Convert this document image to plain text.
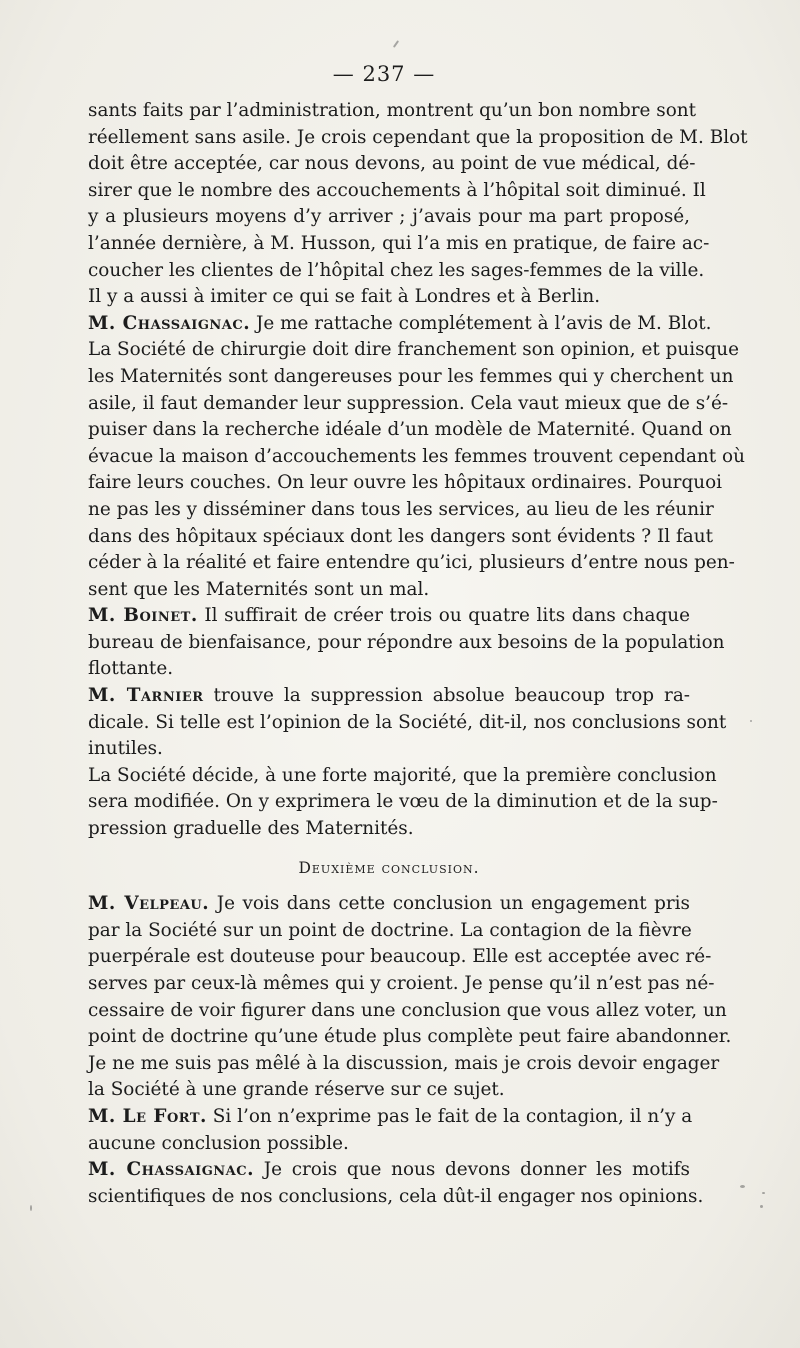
— 237 —
sants faits par l’administration, montrent qu’un bon nombre sont
réellement sans asile. Je crois cependant que la proposition de M. Blot
doit être acceptée, car nous devons, au point de vue médical, dé-
sirer que le nombre des accouchements à l’hôpital soit diminué. Il
y a plusieurs moyens d’y arriver ; j’avais pour ma part proposé,
l’année dernière, à M. Husson, qui l’a mis en pratique, de faire ac-
coucher les clientes de l’hôpital chez les sages-femmes de la ville.
Il y a aussi à imiter ce qui se fait à Londres et à Berlin.
M. Chassaignac. Je me rattache complétement à l’avis de M. Blot.
La Société de chirurgie doit dire franchement son opinion, et puisque
les Maternités sont dangereuses pour les femmes qui y cherchent un
asile, il faut demander leur suppression. Cela vaut mieux que de s’é-
puiser dans la recherche idéale d’un modèle de Maternité. Quand on
évacue la maison d’accouchements les femmes trouvent cependant où
faire leurs couches. On leur ouvre les hôpitaux ordinaires. Pourquoi
ne pas les y disséminer dans tous les services, au lieu de les réunir
dans des hôpitaux spéciaux dont les dangers sont évidents ? Il faut
céder à la réalité et faire entendre qu’ici, plusieurs d’entre nous pen-
sent que les Maternités sont un mal.
M. Boinet. Il suffirait de créer trois ou quatre lits dans chaque
bureau de bienfaisance, pour répondre aux besoins de la population
flottante.
M. Tarnier trouve la suppression absolue beaucoup trop ra-
dicale. Si telle est l’opinion de la Société, dit-il, nos conclusions sont
inutiles.
La Société décide, à une forte majorité, que la première conclusion
sera modifiée. On y exprimera le vœu de la diminution et de la sup-
pression graduelle des Maternités.
Deuxième conclusion.
M. Velpeau. Je vois dans cette conclusion un engagement pris
par la Société sur un point de doctrine. La contagion de la fièvre
puerpérale est douteuse pour beaucoup. Elle est acceptée avec ré-
serves par ceux-là mêmes qui y croient. Je pense qu’il n’est pas né-
cessaire de voir figurer dans une conclusion que vous allez voter, un
point de doctrine qu’une étude plus complète peut faire abandonner.
Je ne me suis pas mêlé à la discussion, mais je crois devoir engager
la Société à une grande réserve sur ce sujet.
M. Le Fort. Si l’on n’exprime pas le fait de la contagion, il n’y a
aucune conclusion possible.
M. Chassaignac. Je crois que nous devons donner les motifs
scientifiques de nos conclusions, cela dût-il engager nos opinions.
